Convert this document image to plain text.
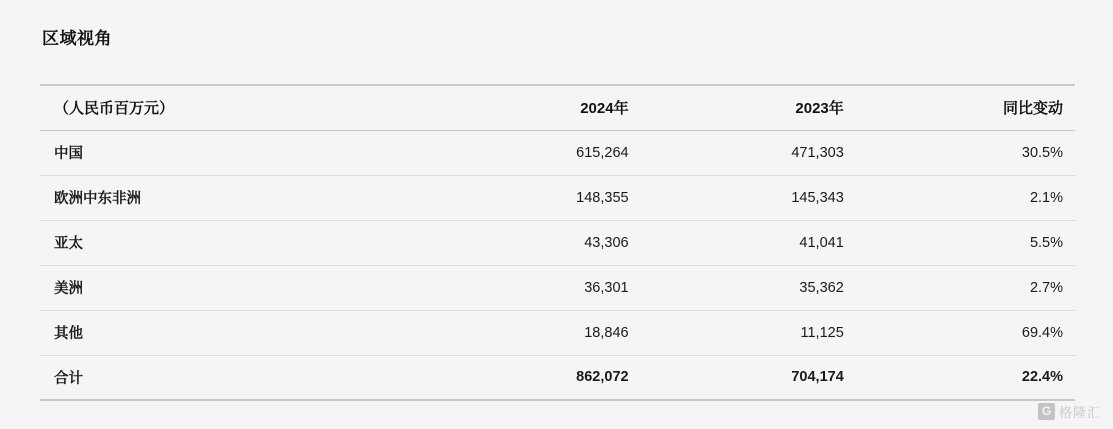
区域视角
（人民币百万元）	2024年	2023年	同比变动
中国	615,264	471,303	30.5%
欧洲中东非洲	148,355	145,343	2.1%
亚太	43,306	41,041	5.5%
美洲	36,301	35,362	2.7%
其他	18,846	11,125	69.4%
合计	862,072	704,174	22.4%
G 格隆汇
